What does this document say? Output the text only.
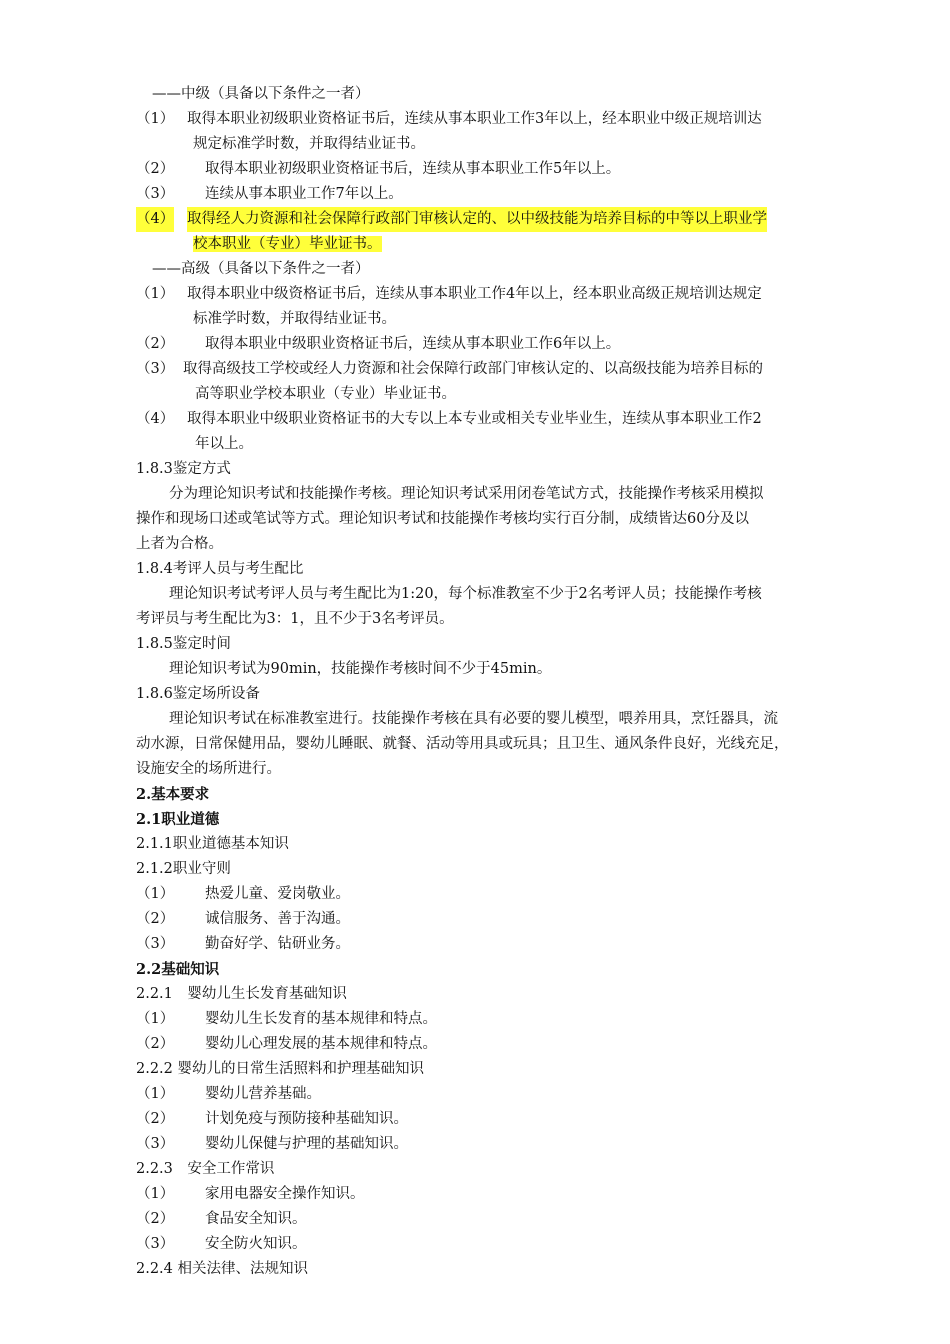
——中级（具备以下条件之一者）
（1） 取得本职业初级职业资格证书后，连续从事本职业工作3年以上，经本职业中级正规培训达
规定标准学时数，并取得结业证书。
（2） 取得本职业初级职业资格证书后，连续从事本职业工作5年以上。
（3） 连续从事本职业工作7年以上。
（4） 取得经人力资源和社会保障行政部门审核认定的、以中级技能为培养目标的中等以上职业学
校本职业（专业）毕业证书。
——高级（具备以下条件之一者）
（1） 取得本职业中级资格证书后，连续从事本职业工作4年以上，经本职业高级正规培训达规定
标准学时数，并取得结业证书。
（2） 取得本职业中级职业资格证书后，连续从事本职业工作6年以上。
（3） 取得高级技工学校或经人力资源和社会保障行政部门审核认定的、以高级技能为培养目标的
高等职业学校本职业（专业）毕业证书。
（4） 取得本职业中级职业资格证书的大专以上本专业或相关专业毕业生，连续从事本职业工作2
年以上。
1.8.3鉴定方式
分为理论知识考试和技能操作考核。理论知识考试采用闭卷笔试方式，技能操作考核采用模拟
操作和现场口述或笔试等方式。理论知识考试和技能操作考核均实行百分制，成绩皆达60分及以
上者为合格。
1.8.4考评人员与考生配比
理论知识考试考评人员与考生配比为1:20，每个标准教室不少于2名考评人员；技能操作考核
考评员与考生配比为3：1，且不少于3名考评员。
1.8.5鉴定时间
理论知识考试为90min，技能操作考核时间不少于45min。
1.8.6鉴定场所设备
理论知识考试在标准教室进行。技能操作考核在具有必要的婴儿模型，喂养用具，烹饪器具，流
动水源，日常保健用品，婴幼儿睡眠、就餐、活动等用具或玩具；且卫生、通风条件良好，光线充足，
设施安全的场所进行。
2.基本要求
2.1职业道德
2.1.1职业道德基本知识
2.1.2职业守则
（1） 热爱儿童、爱岗敬业。
（2） 诚信服务、善于沟通。
（3） 勤奋好学、钻研业务。
2.2基础知识
2.2.1　婴幼儿生长发育基础知识
（1） 婴幼儿生长发育的基本规律和特点。
（2） 婴幼儿心理发展的基本规律和特点。
2.2.2 婴幼儿的日常生活照料和护理基础知识
（1） 婴幼儿营养基础。
（2） 计划免疫与预防接种基础知识。
（3） 婴幼儿保健与护理的基础知识。
2.2.3　安全工作常识
（1） 家用电器安全操作知识。
（2） 食品安全知识。
（3） 安全防火知识。
2.2.4 相关法律、法规知识
